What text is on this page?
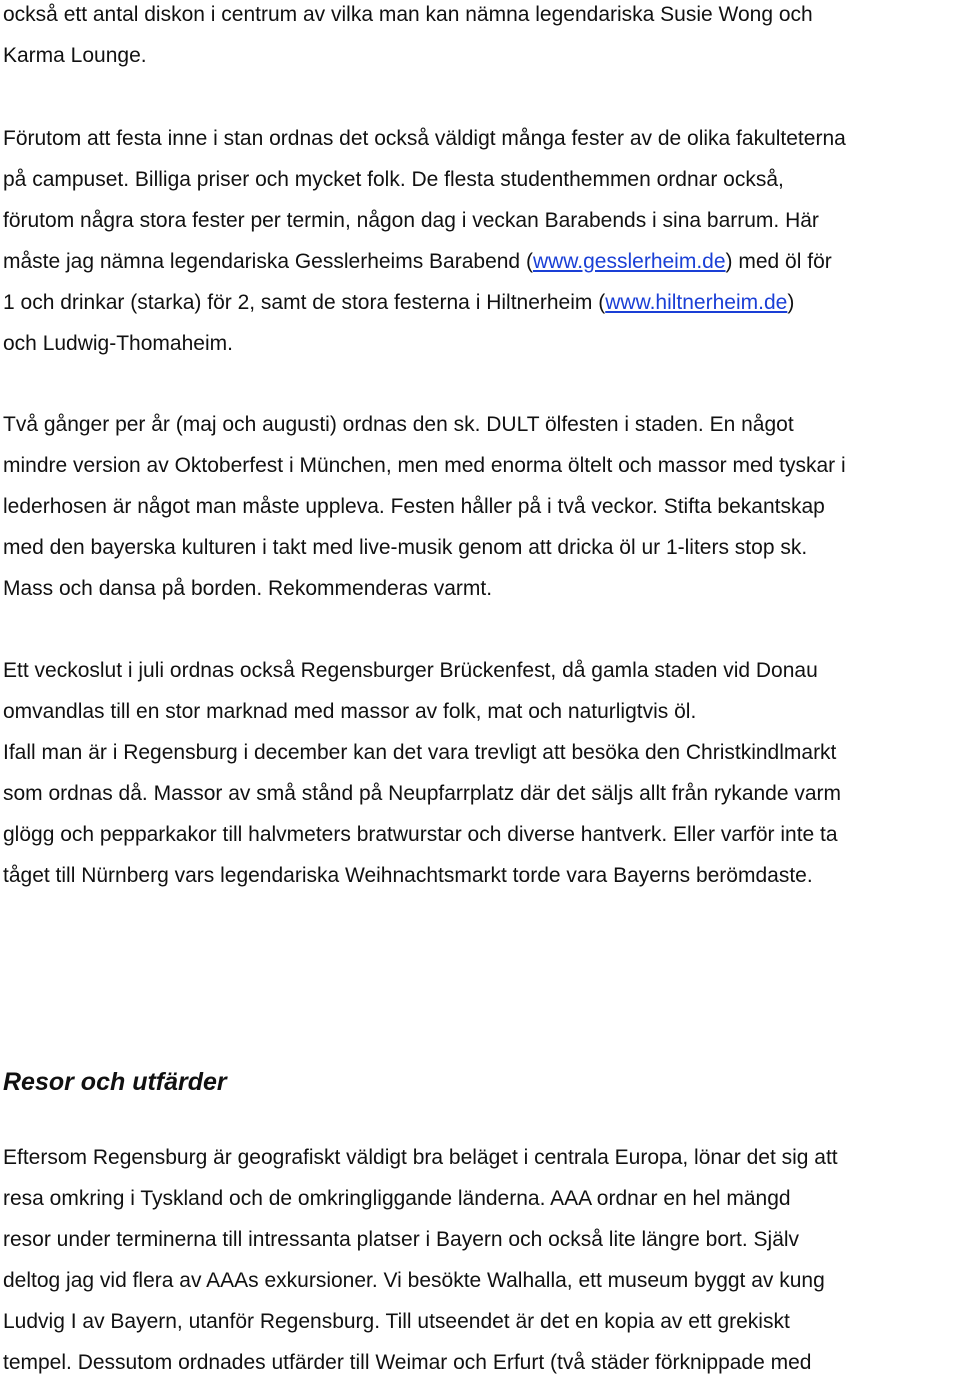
också ett antal diskon i centrum av vilka man kan nämna legendariska Susie Wong och
Karma Lounge.
Förutom att festa inne i stan ordnas det också väldigt många fester av de olika fakulteterna
på campuset. Billiga priser och mycket folk. De flesta studenthemmen ordnar också,
förutom några stora fester per termin, någon dag i veckan Barabends i sina barrum. Här
måste jag nämna legendariska Gesslerheims Barabend (www.gesslerheim.de) med öl för
1 och drinkar (starka) för 2, samt de stora festerna i Hiltnerheim (www.hiltnerheim.de)
och Ludwig-Thomaheim.
Två gånger per år (maj och augusti) ordnas den sk. DULT ölfesten i staden. En något
mindre version av Oktoberfest i München, men med enorma öltelt och massor med tyskar i
lederhosen är något man måste uppleva. Festen håller på i två veckor. Stifta bekantskap
med den bayerska kulturen i takt med live-musik genom att dricka öl ur 1-liters stop sk.
Mass och dansa på borden. Rekommenderas varmt.
Ett veckoslut i juli ordnas också Regensburger Brückenfest, då gamla staden vid Donau
omvandlas till en stor marknad med massor av folk, mat och naturligtvis öl.
Ifall man är i Regensburg i december kan det vara trevligt att besöka den Christkindlmarkt
som ordnas då. Massor av små stånd på Neupfarrplatz där det säljs allt från rykande varm
glögg och pepparkakor till halvmeters bratwurstar och diverse hantverk. Eller varför inte ta
tåget till Nürnberg vars legendariska Weihnachtsmarkt torde vara Bayerns berömdaste.
Resor och utfärder
Eftersom Regensburg är geografiskt väldigt bra beläget i centrala Europa, lönar det sig att
resa omkring i Tyskland och de omkringliggande länderna. AAA ordnar en hel mängd
resor under terminerna till intressanta platser i Bayern och också lite längre bort. Själv
deltog jag vid flera av AAAs exkursioner. Vi besökte Walhalla, ett museum byggt av kung
Ludvig I av Bayern, utanför Regensburg. Till utseendet är det en kopia av ett grekiskt
tempel. Dessutom ordnades utfärder till Weimar och Erfurt (två städer förknippade med
